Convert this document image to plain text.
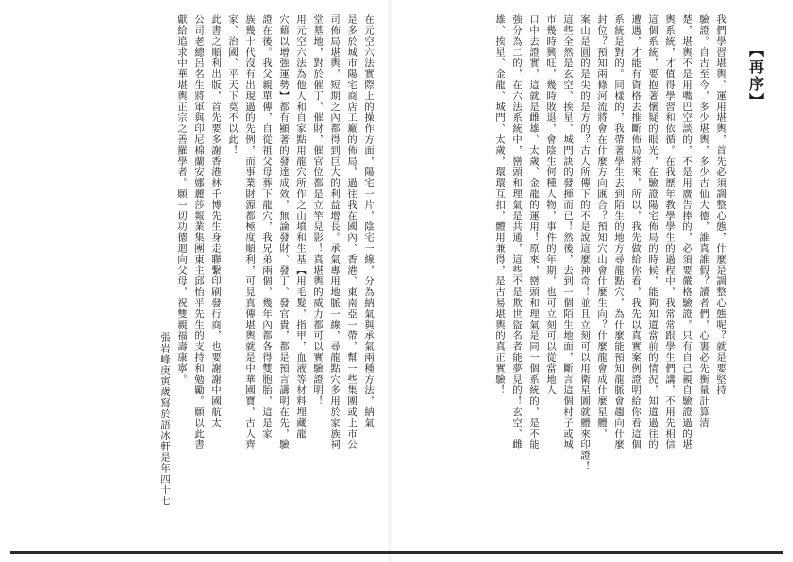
【再序】
我們學習堪輿、運用堪輿，首先必須調整心態，什麼是調整心態呢？就是要堅持
驗證。自古至今，多少堪輿，多少古仙大德，誰真誰假？讀者們，心裏必先衡量計算清
楚，堪輿不是用嘴巴空談的，不是用廣告捧的，必須要嚴格驗證。只有自己親自驗證過的堪
輿系統，才值得學習和依循。在我歷年教學學生的過程中，我常常跟學生們講，不用先相信
這個系統，要抱著懷疑的眼光，在驗證陽宅佈局的時候，能夠知道當前的情況，知道過往的
遭遇，才能有資格去推斷佈局將來，所以，我先做給你看，我先以真實案例證明給你看這個
系統是對的。同樣的，我帶著學生去到陌生的地方尋龍點穴，為什麼能預知龍脈會趨向什麼
封位？預知兩條河流將會在什麼方向匯合？預知穴山會什麼生向？什麼龍會成什麼星體，
案山是圓的是尖的是方的？古人所傳下的不是說這麼神奇！並且立刻可以用衛星圖就體來印證！
這些全然是玄空、挨星、城門訣的發揮而已！然後，去到一個陌生地面，斷言這個村子或城
市幾時興旺，幾時敗退，會陰生何種人物，事件的年期，也可立刻可以從當地人
口中去證實，這就是雌雄、太歲、金龍的運用！原來，巒頭和理氣是同一個系統的，是不能
強分為二的，在六法系統中，巒頭和理氣是共通，這些不是欺世盜名者能夢見的！玄空、雌
雄、挨星、金龍、城門、太歲，環環互扣，體用兼得，是古易堪輿的真正實驗！
在元空六法實際上的操作方面，陽宅一片，陰宅一線，分為納氣與承氣兩種方法，納氣
是多於城市陽宅商店工廠的佈局，過往我在國內、香港、東南亞一帶，幫一些集團或上市公
司佈局堪輿，短期之內都得到巨大的利益增長。承氣專用地脈一線，尋龍點穴多用於家族祠
堂墓地，對於催丁、催財，催官位都是立竿見影！真堪輿的威力都可以實驗證明！
用元空六法為他人和自家點用龍穴所作之山墳和生基【用毛髮，指甲，血液等材料埋藏龍
穴藉以增強運勢】都有顯著的發達成效，無論發財、發丁、發官貴，都是預言講明在先，驗
證在後。我父親單傳，自從祖父母葬下龍穴，我兄弟兩個，幾年內都各得雙胞胎，這是家
族幾十代沒有出現過的先例，而事業財源都極度順利，可見真傳堪輿就是中華國寶，古人齊
家、治國、平天下莫不以此！
此書之順利出版，首先要多謝香港林千博先生身走聯繫印刷發行商，也要謝謝中國航太
公司老總呂名生將軍與印尼棉蘭安娜麗莎報業集團東主邱怡平先生的支持和勉勵。願以此書
獻給追求中華堪輿正宗之善羅學者。願一切功德迴向父母，祝雙親福壽康寧。
張岩峰庚寅歲寫於語冰軒是年四十七
